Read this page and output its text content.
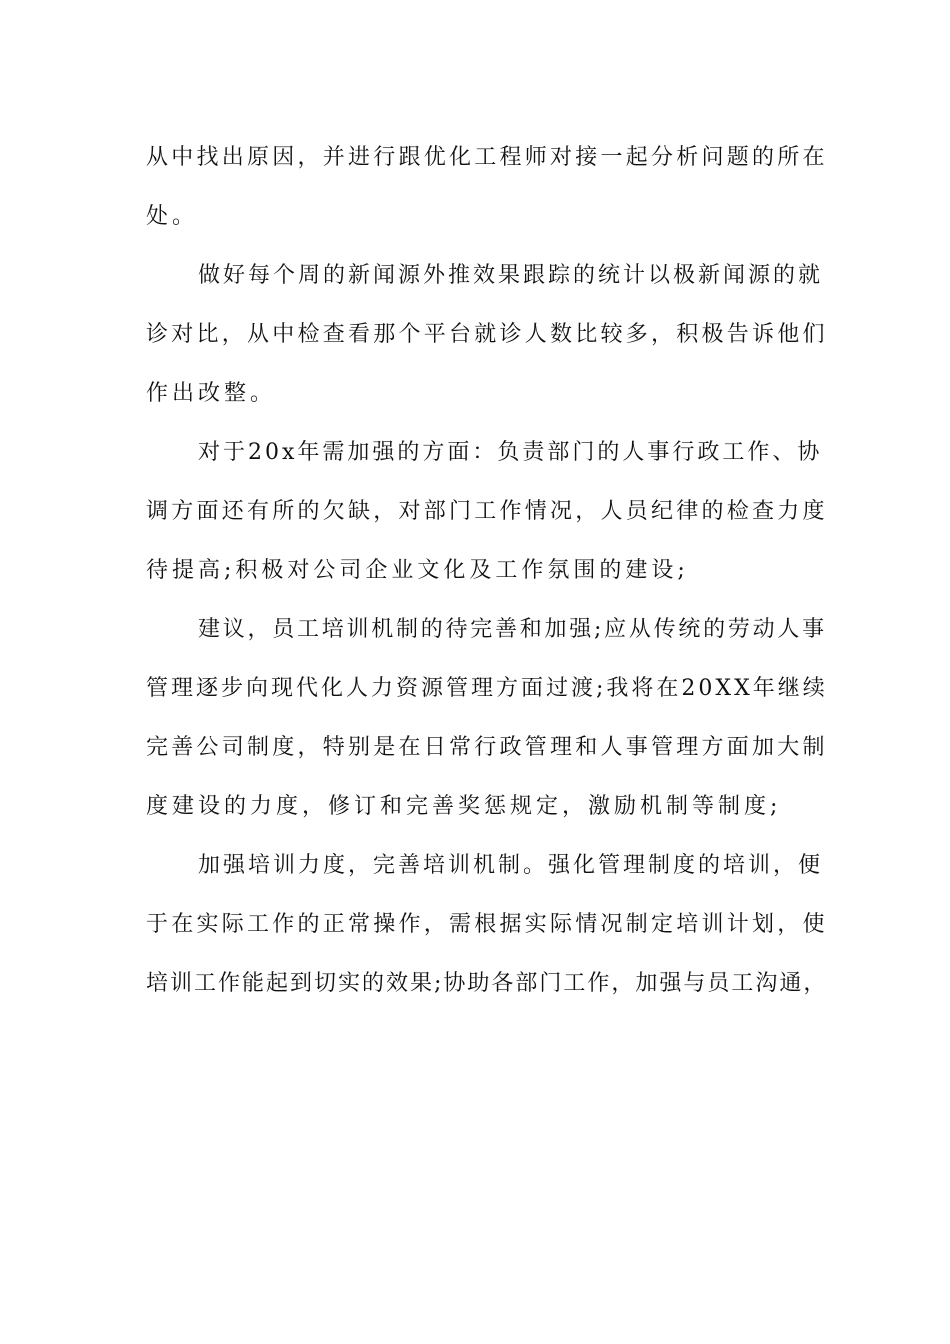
从中找出原因，并进行跟优化工程师对接一起分析问题的所在
处。
做好每个周的新闻源外推效果跟踪的统计以极新闻源的就
诊对比，从中检查看那个平台就诊人数比较多，积极告诉他们
作出改整。
对于20x年需加强的方面：负责部门的人事行政工作、协
调方面还有所的欠缺，对部门工作情况，人员纪律的检查力度
待提高;积极对公司企业文化及工作氛围的建设;
建议，员工培训机制的待完善和加强;应从传统的劳动人事
管理逐步向现代化人力资源管理方面过渡;我将在20XX年继续
完善公司制度，特别是在日常行政管理和人事管理方面加大制
度建设的力度，修订和完善奖惩规定，激励机制等制度;
加强培训力度，完善培训机制。强化管理制度的培训，便
于在实际工作的正常操作，需根据实际情况制定培训计划，使
培训工作能起到切实的效果;协助各部门工作，加强与员工沟通，
